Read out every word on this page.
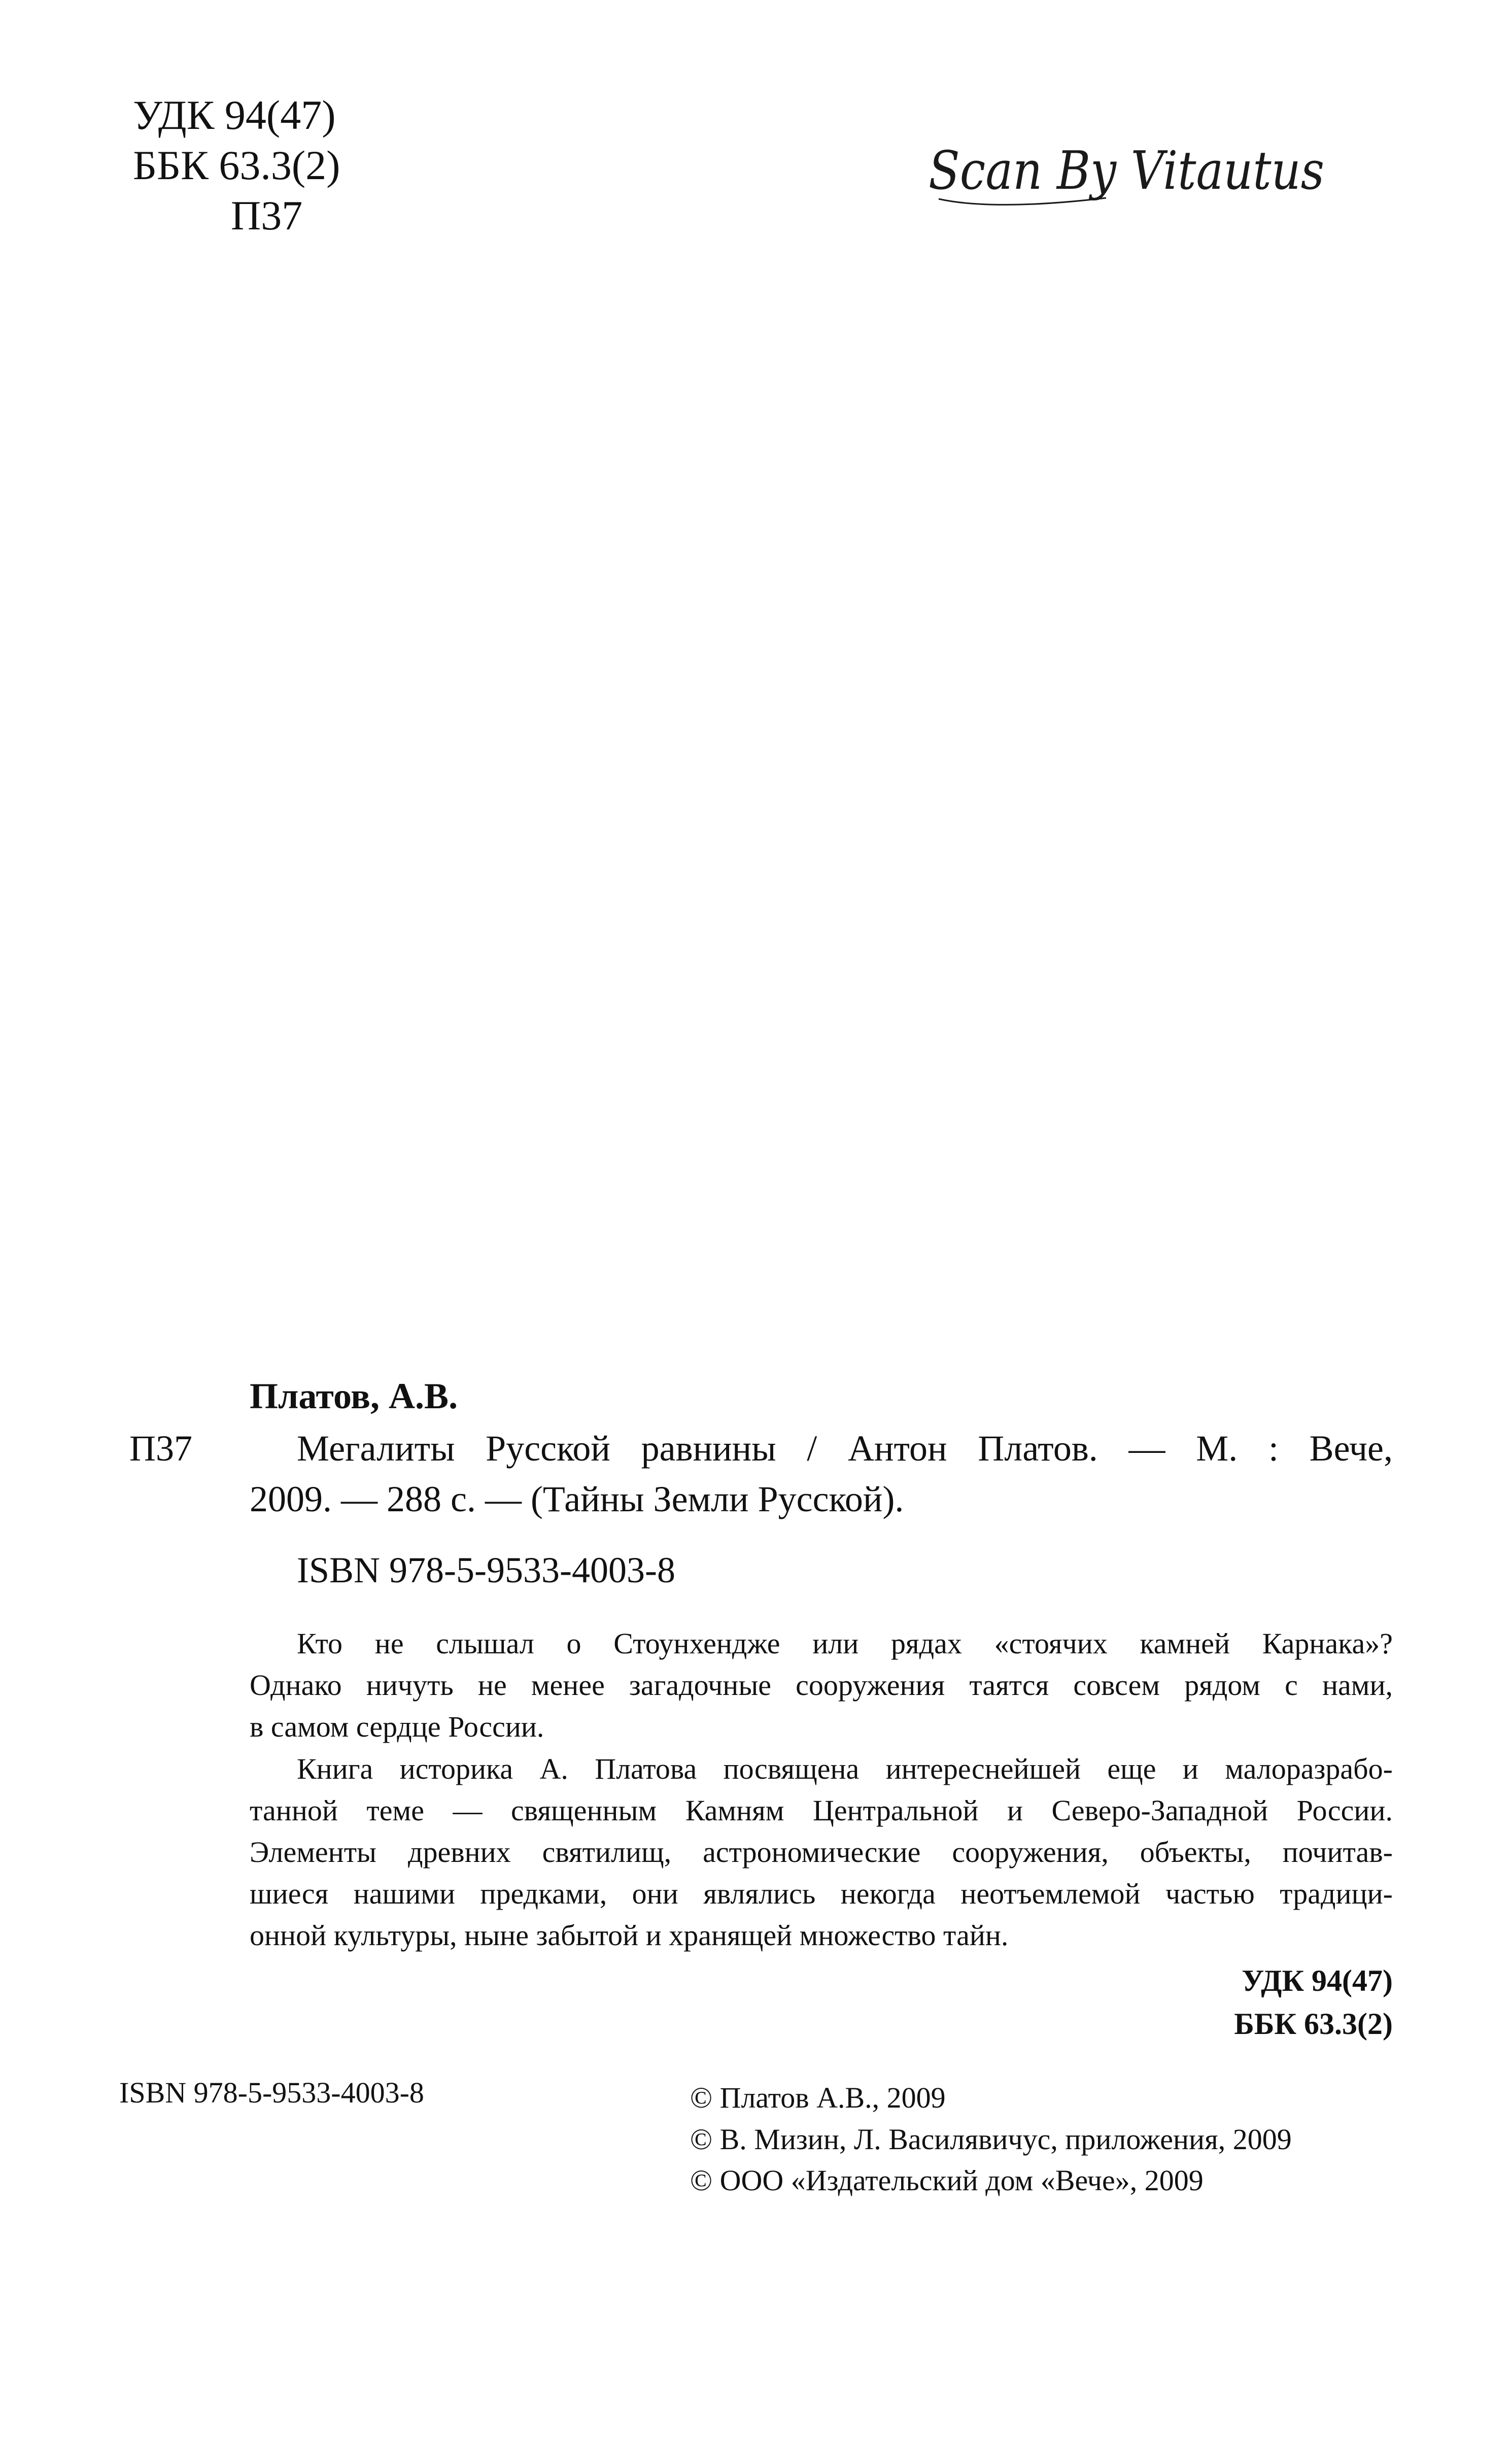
УДК 94(47)
ББК 63.3(2)
П37
Scan By Vitautus
Платов, А.В.
П37	Мегалиты Русской равнины / Антон Платов. — М. : Вече,
2009. — 288 с. — (Тайны Земли Русской).
ISBN 978-5-9533-4003-8
Кто не слышал о Стоунхендже или рядах «стоячих камней Карнака»?
Однако ничуть не менее загадочные сооружения таятся совсем рядом с нами,
в самом сердце России.
Книга историка А. Платова посвящена интереснейшей еще и малоразрабо-
танной теме — священным Камням Центральной и Северо-Западной России.
Элементы древних святилищ, астрономические сооружения, объекты, почитав-
шиеся нашими предками, они являлись некогда неотъемлемой частью традици-
онной культуры, ныне забытой и хранящей множество тайн.
УДК 94(47)
ББК 63.3(2)
ISBN 978-5-9533-4003-8	© Платов А.В., 2009
© В. Мизин, Л. Василявичус, приложения, 2009
© ООО «Издательский дом «Вече», 2009
